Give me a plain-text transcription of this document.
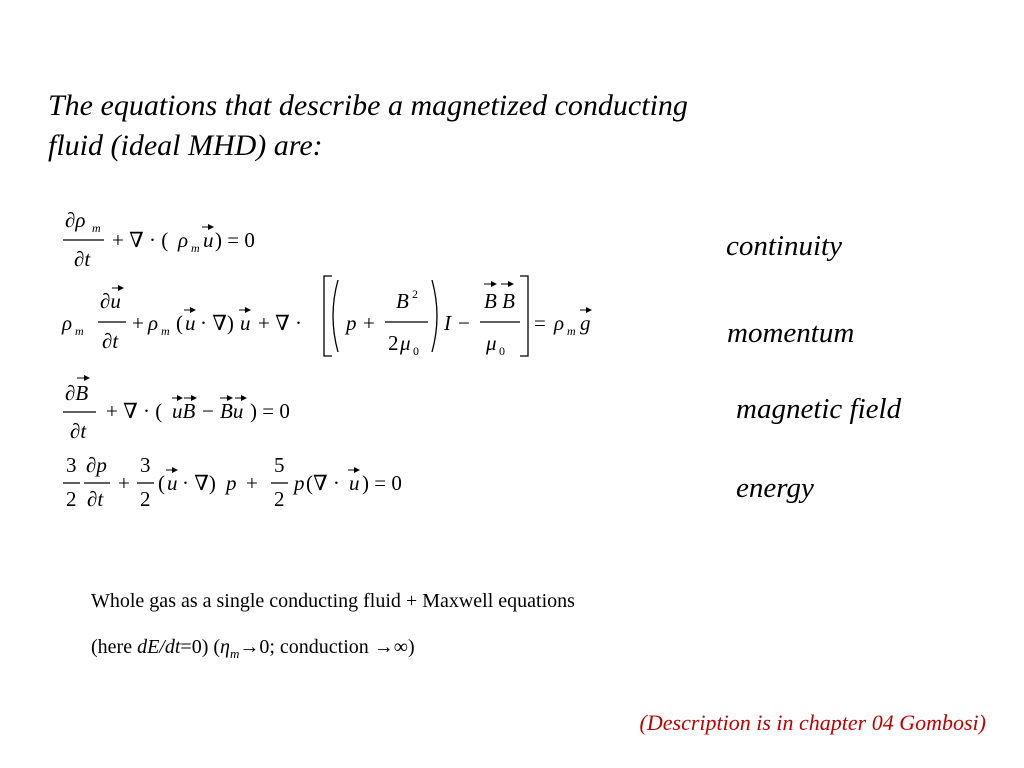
The equations that describe a magnetized conducting
fluid (ideal MHD) are:
∂ρ m
∂t
+ ∇ · ( ρ m u ) = 0
ρ m
∂u
∂t
+ ρ m ( u · ∇) u + ∇ · p +
B 2
2 μ 0
I −
B B
μ 0
= ρ m g
∂B
∂t
+ ∇ · ( uB − Bu ) = 0
3
2
∂p
∂t
+
3
2
( u · ∇) p +
5
2
p (∇ · u ) = 0
continuity
momentum
magnetic field
energy
Whole gas as a single conducting fluid + Maxwell equations
(here dE/dt=0) ($\eta_m\to 0$; conduction →∞)
(Description is in chapter 04 Gombosi)
